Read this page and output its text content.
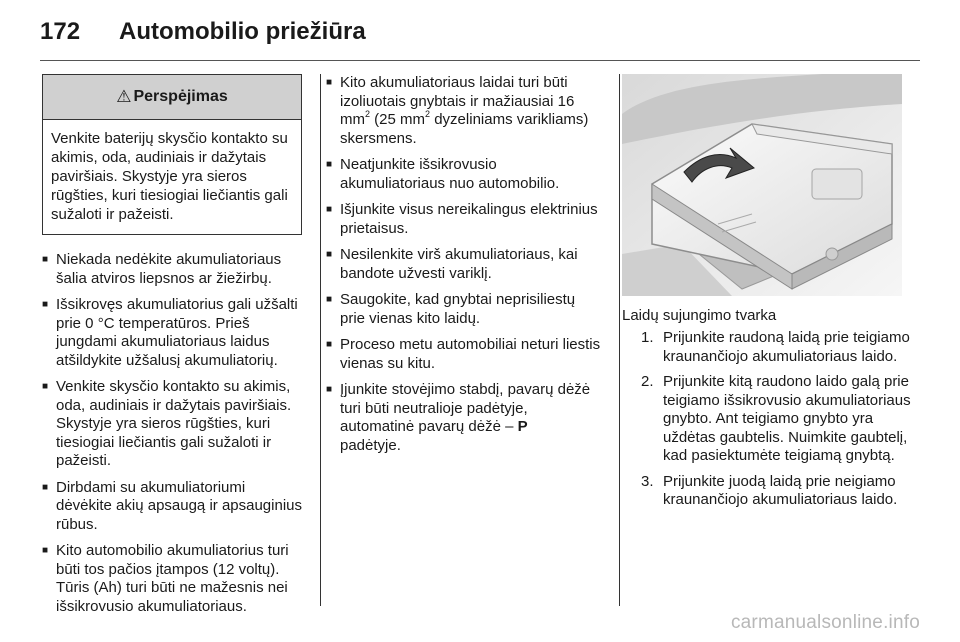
172 Automobilio priežiūra
⚠ Perspėjimas
Venkite baterijų skysčio kontakto su akimis, oda, audiniais ir dažytais paviršiais. Skystyje yra sieros rūgšties, kuri tiesiogiai liečiantis gali sužaloti ir pažeisti.
■ Niekada nedėkite akumuliatoriaus šalia atviros liepsnos ar žiežirbų.
■ Išsikrovęs akumuliatorius gali užšalti prie 0 °C temperatūros. Prieš jungdami akumuliatoriaus laidus atšildykite užšalusį akumuliatorių.
■ Venkite skysčio kontakto su akimis, oda, audiniais ir dažytais paviršiais. Skystyje yra sieros rūgšties, kuri tiesiogiai liečiantis gali sužaloti ir pažeisti.
■ Dirbdami su akumuliatoriumi dėvėkite akių apsaugą ir apsauginius rūbus.
■ Kito automobilio akumuliatorius turi būti tos pačios įtampos (12 voltų). Tūris (Ah) turi būti ne mažesnis nei išsikrovusio akumuliatoriaus.
■ Kito akumuliatoriaus laidai turi būti izoliuotais gnybtais ir mažiausiai 16 $mm^2$ (25 $mm^2$ dyzeliniams varikliams) skersmens.
■ Neatjunkite išsikrovusio akumuliatoriaus nuo automobilio.
■ Išjunkite visus nereikalingus elektrinius prietaisus.
■ Nesilenkite virš akumuliatoriaus, kai bandote užvesti variklį.
■ Saugokite, kad gnybtai neprisiliestų prie vienas kito laidų.
■ Proceso metu automobiliai neturi liestis vienas su kitu.
■ Įjunkite stovėjimo stabdį, pavarų dėžė turi būti neutralioje padėtyje, automatinė pavarų dėžė – P
padėtyje.
Laidų sujungimo tvarka
1. Prijunkite raudoną laidą prie teigiamo kraunančiojo akumuliatoriaus laido.
2. Prijunkite kitą raudono laido galą prie teigiamo išsikrovusio akumuliatoriaus gnybto. Ant teigiamo gnybto yra uždėtas gaubtelis. Nuimkite gaubtelį, kad pasiektumėte teigiamą gnybtą.
3. Prijunkite juodą laidą prie neigiamo kraunančiojo akumuliatoriaus laido.
carmanualsonline.info
